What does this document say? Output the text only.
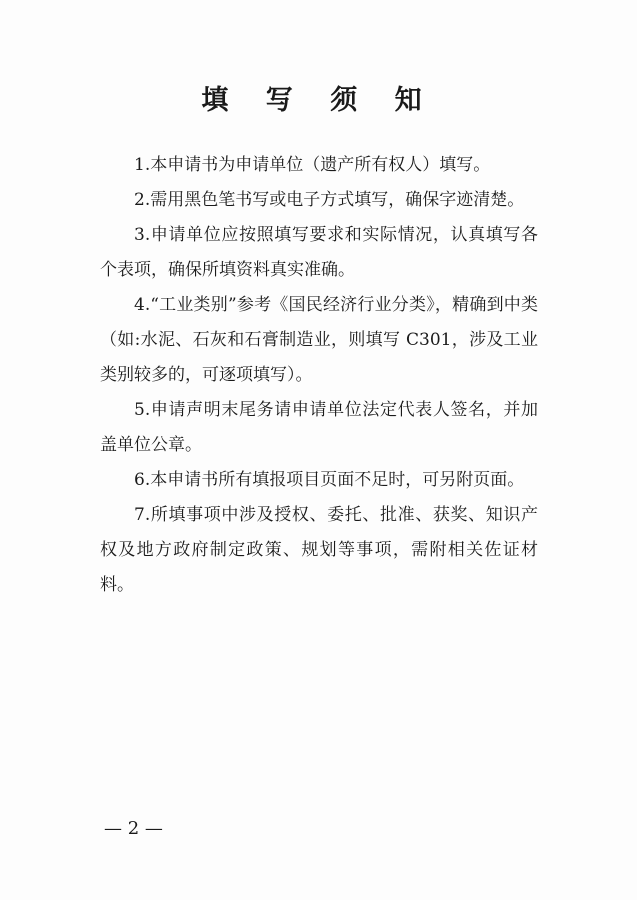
填 写 须 知

1.本申请书为申请单位（遗产所有权人）填写。

2.需用黑色笔书写或电子方式填写，确保字迹清楚。

3.申请单位应按照填写要求和实际情况，认真填写各个表项，确保所填资料真实准确。

4.“工业类别”参考《国民经济行业分类》，精确到中类（如:水泥、石灰和石膏制造业，则填写 C301，涉及工业类别较多的，可逐项填写）。

5.申请声明末尾务请申请单位法定代表人签名，并加盖单位公章。

6.本申请书所有填报项目页面不足时，可另附页面。

7.所填事项中涉及授权、委托、批准、获奖、知识产权及地方政府制定政策、规划等事项，需附相关佐证材料。

— 2 —
